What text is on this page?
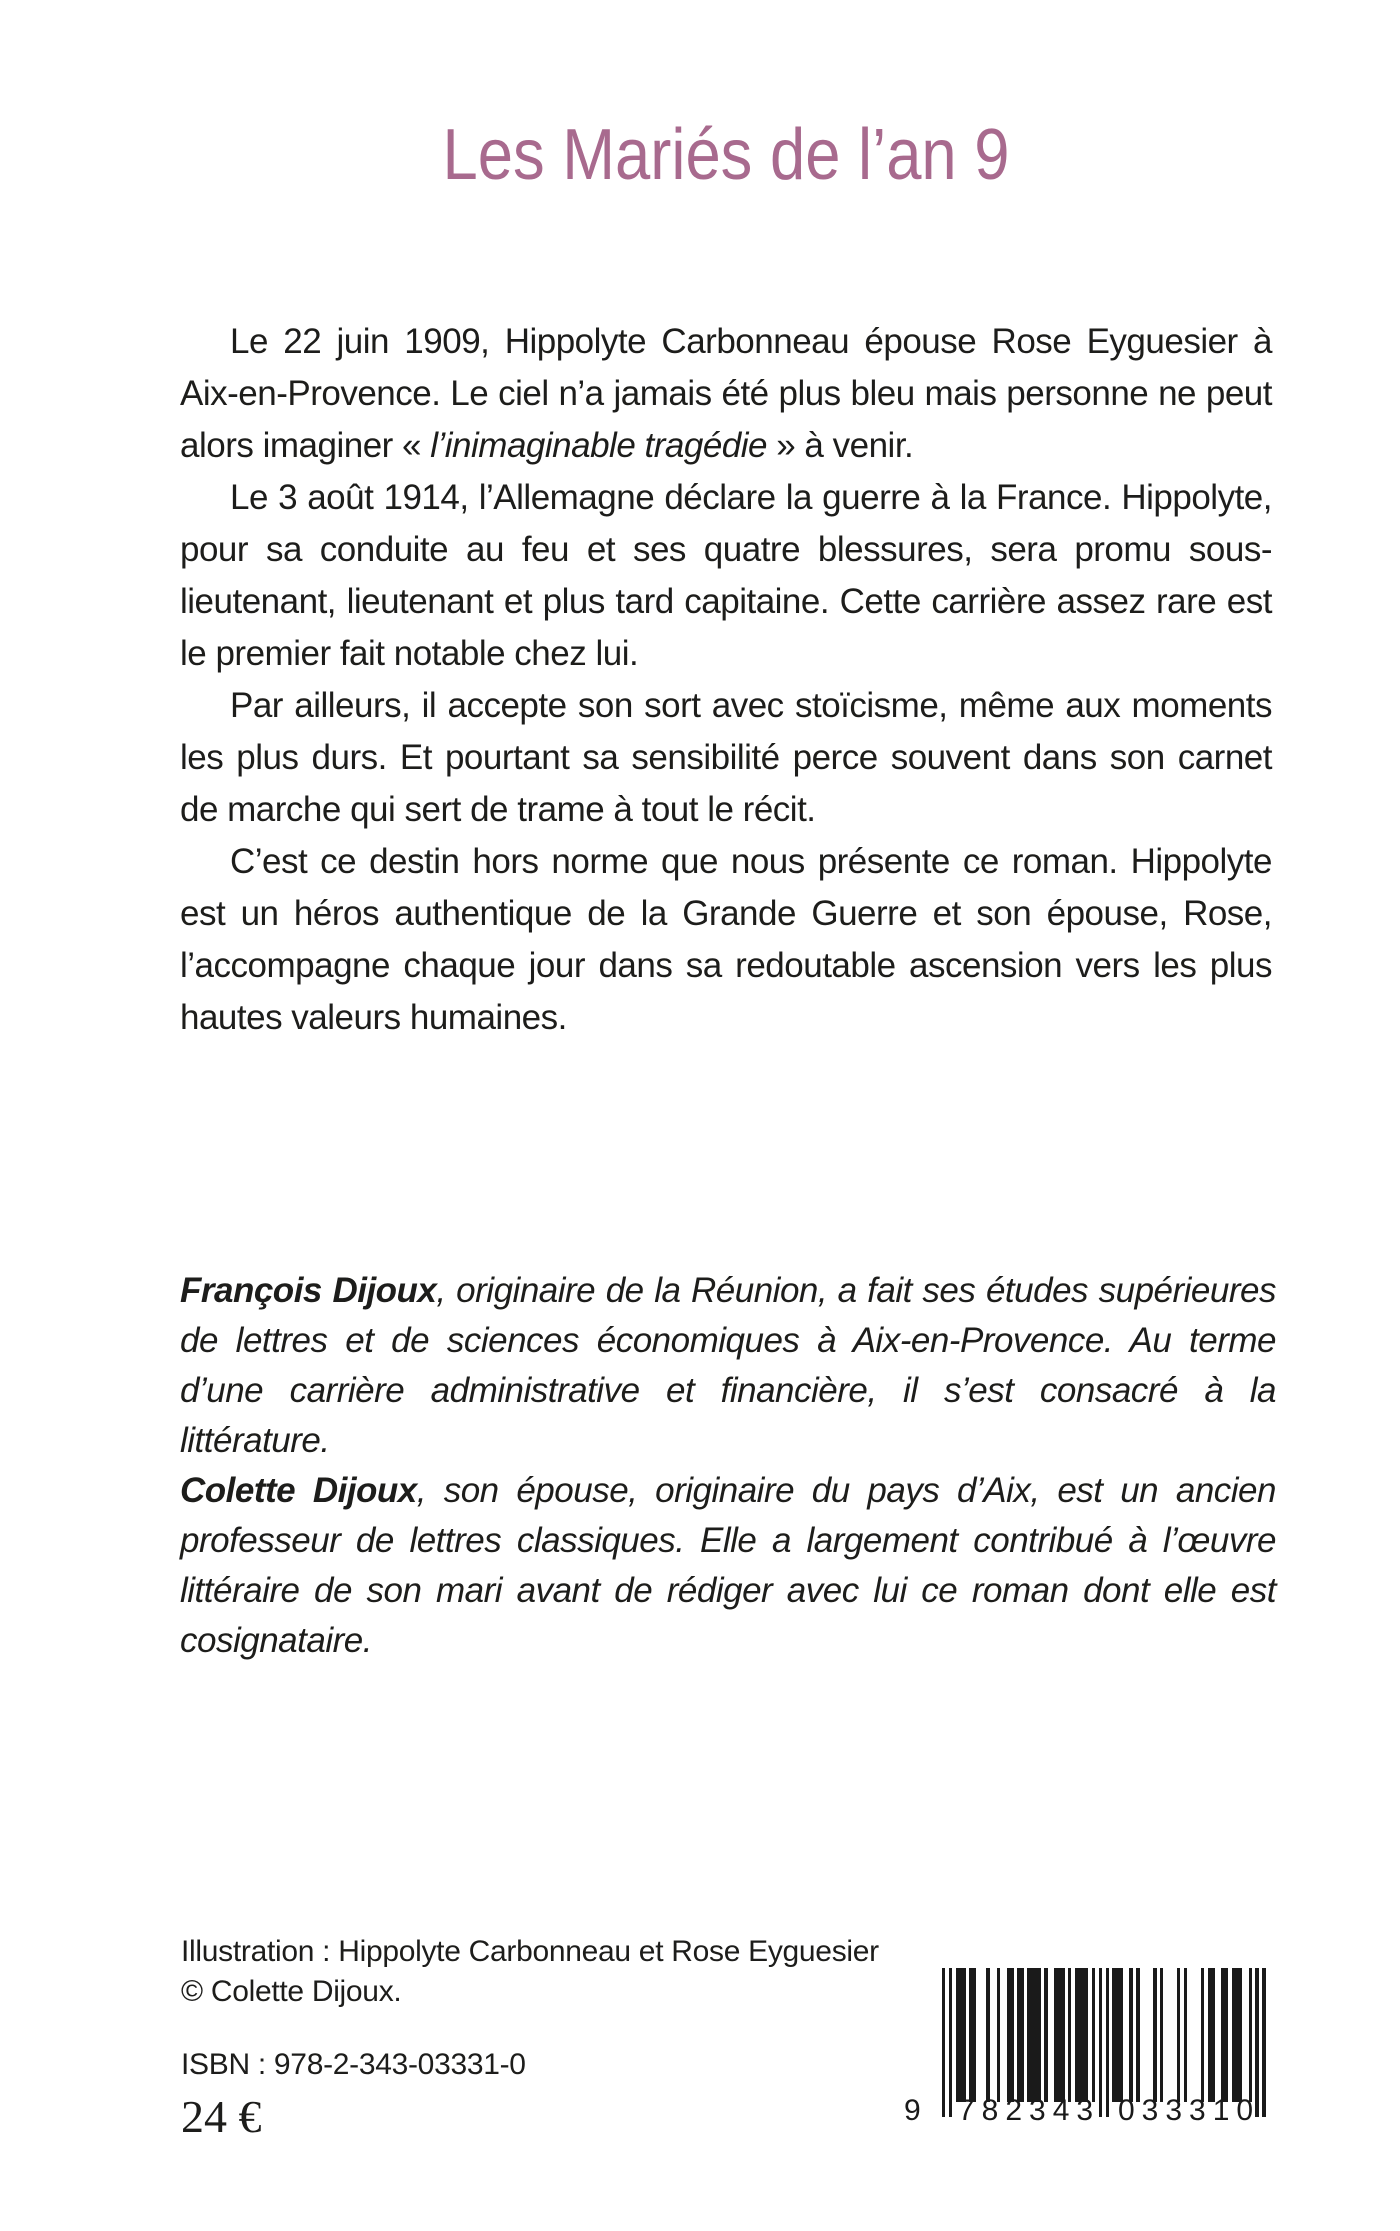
Les Mariés de l’an 9

Le 22 juin 1909, Hippolyte Carbonneau épouse Rose Eyguesier à Aix-en-Provence. Le ciel n’a jamais été plus bleu mais personne ne peut alors imaginer « l’inimaginable tragédie » à venir.

Le 3 août 1914, l’Allemagne déclare la guerre à la France. Hippolyte, pour sa conduite au feu et ses quatre blessures, sera promu sous-lieutenant, lieutenant et plus tard capitaine. Cette carrière assez rare est le premier fait notable chez lui.

Par ailleurs, il accepte son sort avec stoïcisme, même aux moments les plus durs. Et pourtant sa sensibilité perce souvent dans son carnet de marche qui sert de trame à tout le récit.

C’est ce destin hors norme que nous présente ce roman. Hippolyte est un héros authentique de la Grande Guerre et son épouse, Rose, l’accompagne chaque jour dans sa redoutable ascension vers les plus hautes valeurs humaines.

François Dijoux, originaire de la Réunion, a fait ses études supérieures de lettres et de sciences économiques à Aix-en-Provence. Au terme d’une carrière administrative et financière, il s’est consacré à la littérature.

Colette Dijoux, son épouse, originaire du pays d’Aix, est un ancien professeur de lettres classiques. Elle a largement contribué à l’œuvre littéraire de son mari avant de rédiger avec lui ce roman dont elle est cosignataire.

Illustration : Hippolyte Carbonneau et Rose Eyguesier
© Colette Dijoux.
ISBN : 978-2-343-03331-0
24 €	9 782343 033310
